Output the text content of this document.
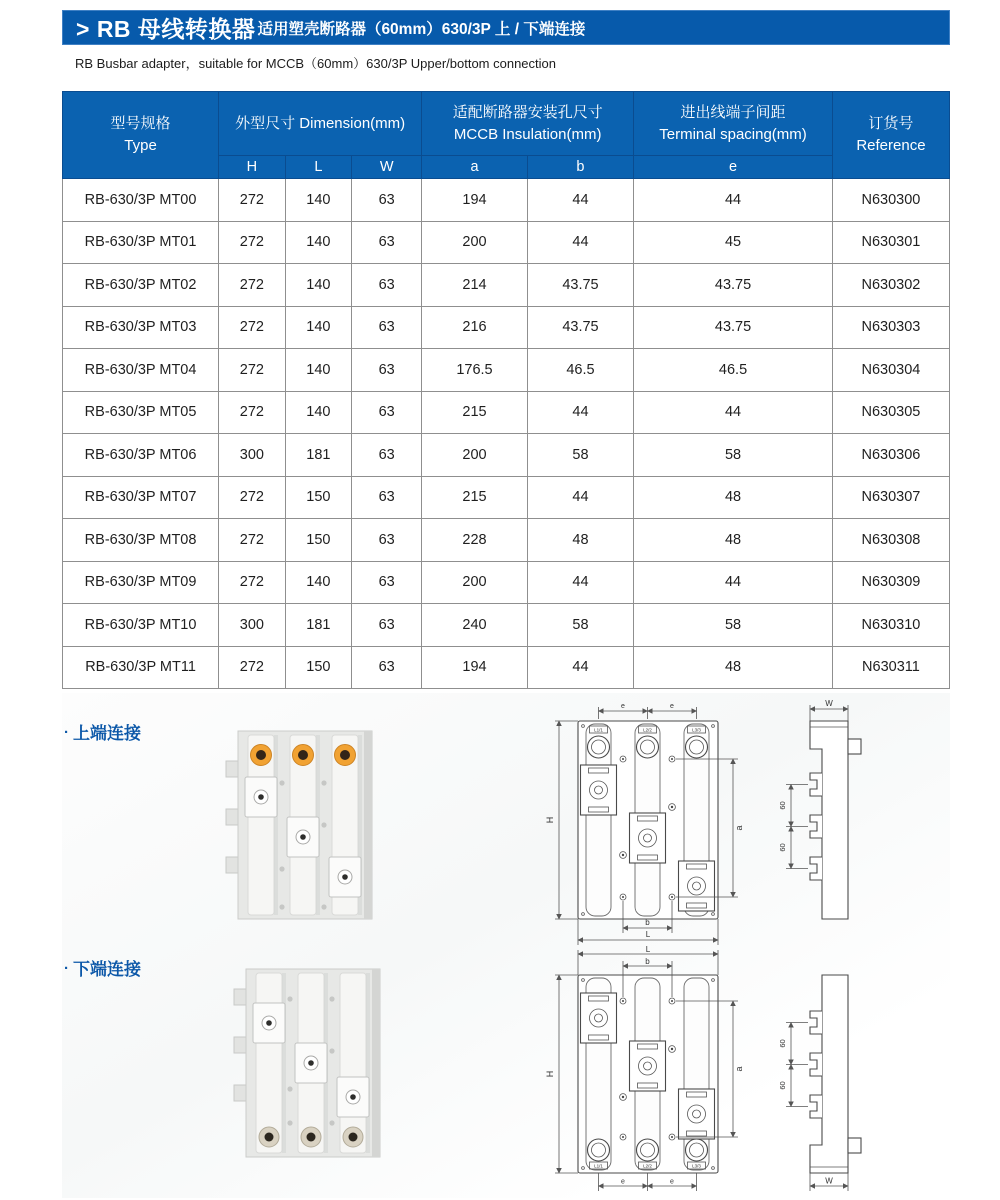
> RB 母线转换器 适用塑壳断路器（60mm）630/3P 上 / 下端连接
RB Busbar adapter，suitable for MCCB（60mm）630/3P Upper/bottom connection
型号规格
Type
	外型尺寸 Dimension(mm)	
适配断路器安装孔尺寸
MCCB Insulation(mm)

进出线端子间距
Terminal spacing(mm)

订货号
Reference

	H	L	W	a	b	e	
RB-630/3P MT00	272	140	63	194	44	44	N630300
RB-630/3P MT01	272	140	63	200	44	45	N630301
RB-630/3P MT02	272	140	63	214	43.75	43.75	N630302
RB-630/3P MT03	272	140	63	216	43.75	43.75	N630303
RB-630/3P MT04	272	140	63	176.5	46.5	46.5	N630304
RB-630/3P MT05	272	140	63	215	44	44	N630305
RB-630/3P MT06	300	181	63	200	58	58	N630306
RB-630/3P MT07	272	150	63	215	44	48	N630307
RB-630/3P MT08	272	150	63	228	48	48	N630308
RB-630/3P MT09	272	140	63	200	44	44	N630309
RB-630/3P MT10	300	181	63	240	58	58	N630310
RB-630/3P MT11	272	150	63	194	44	48	N630311
· 上端连接	L1/1	L2/2	L3/3
e	e
H
a
b
L
60
60
W
· 下端连接
L1/1	L2/2	L3/3
L
b
H
a
e	e
60
60
W
